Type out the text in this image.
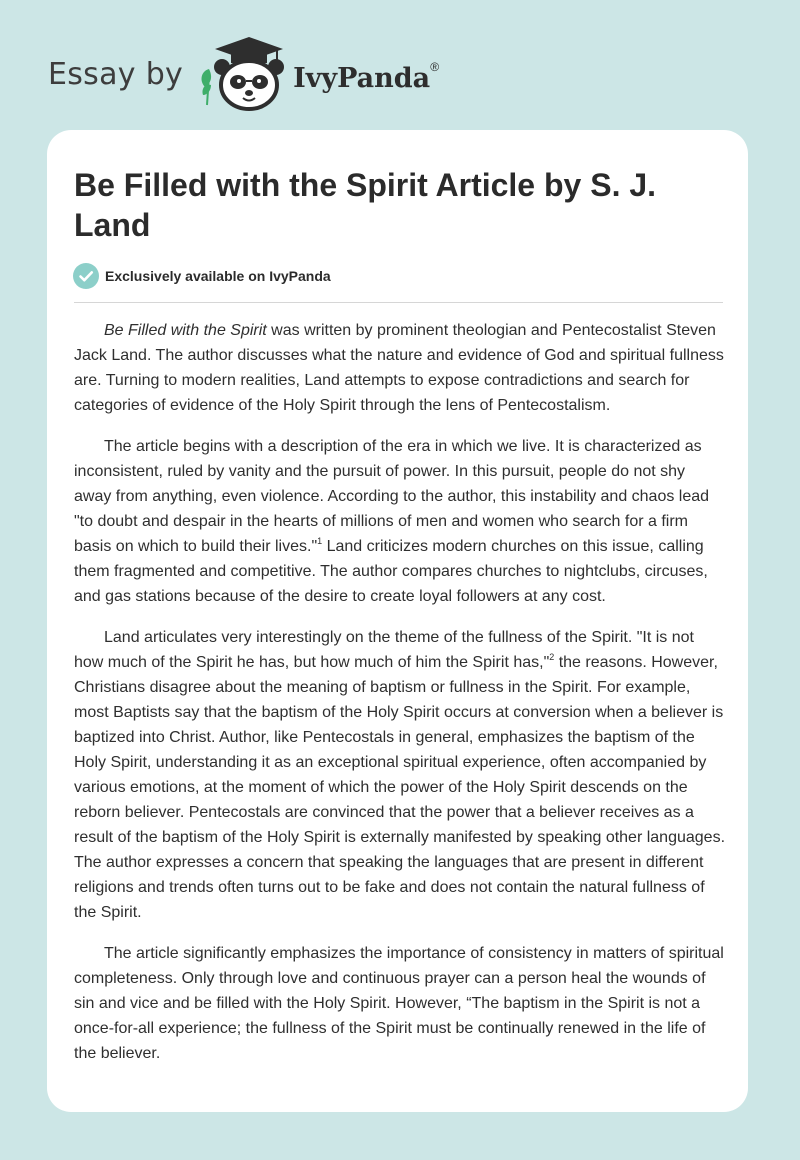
Essay by	IvyPanda®
Be Filled with the Spirit Article by S. J. Land
Exclusively available on IvyPanda

Be Filled with the Spirit was written by prominent theologian and Pentecostalist Steven Jack Land. The author discusses what the nature and evidence of God and spiritual fullness are. Turning to modern realities, Land attempts to expose contradictions and search for categories of evidence of the Holy Spirit through the lens of Pentecostalism.

The article begins with a description of the era in which we live. It is characterized as inconsistent, ruled by vanity and the pursuit of power. In this pursuit, people do not shy away from anything, even violence. According to the author, this instability and chaos lead "to doubt and despair in the hearts of millions of men and women who search for a firm basis on which to build their lives."$^1$ Land criticizes modern churches on this issue, calling them fragmented and competitive. The author compares churches to nightclubs, circuses, and gas stations because of the desire to create loyal followers at any cost.

Land articulates very interestingly on the theme of the fullness of the Spirit. "It is not how much of the Spirit he has, but how much of him the Spirit has,"$^2$ the reasons. However, Christians disagree about the meaning of baptism or fullness in the Spirit. For example, most Baptists say that the baptism of the Holy Spirit occurs at conversion when a believer is baptized into Christ. Author, like Pentecostals in general, emphasizes the baptism of the Holy Spirit, understanding it as an exceptional spiritual experience, often accompanied by various emotions, at the moment of which the power of the Holy Spirit descends on the reborn believer. Pentecostals are convinced that the power that a believer receives as a result of the baptism of the Holy Spirit is externally manifested by speaking other languages. The author expresses a concern that speaking the languages that are present in different religions and trends often turns out to be fake and does not contain the natural fullness of the Spirit.

The article significantly emphasizes the importance of consistency in matters of spiritual completeness. Only through love and continuous prayer can a person heal the wounds of sin and vice and be filled with the Holy Spirit. However, “The baptism in the Spirit is not a once-for-all experience; the fullness of the Spirit must be continually renewed in the life of the believer.
